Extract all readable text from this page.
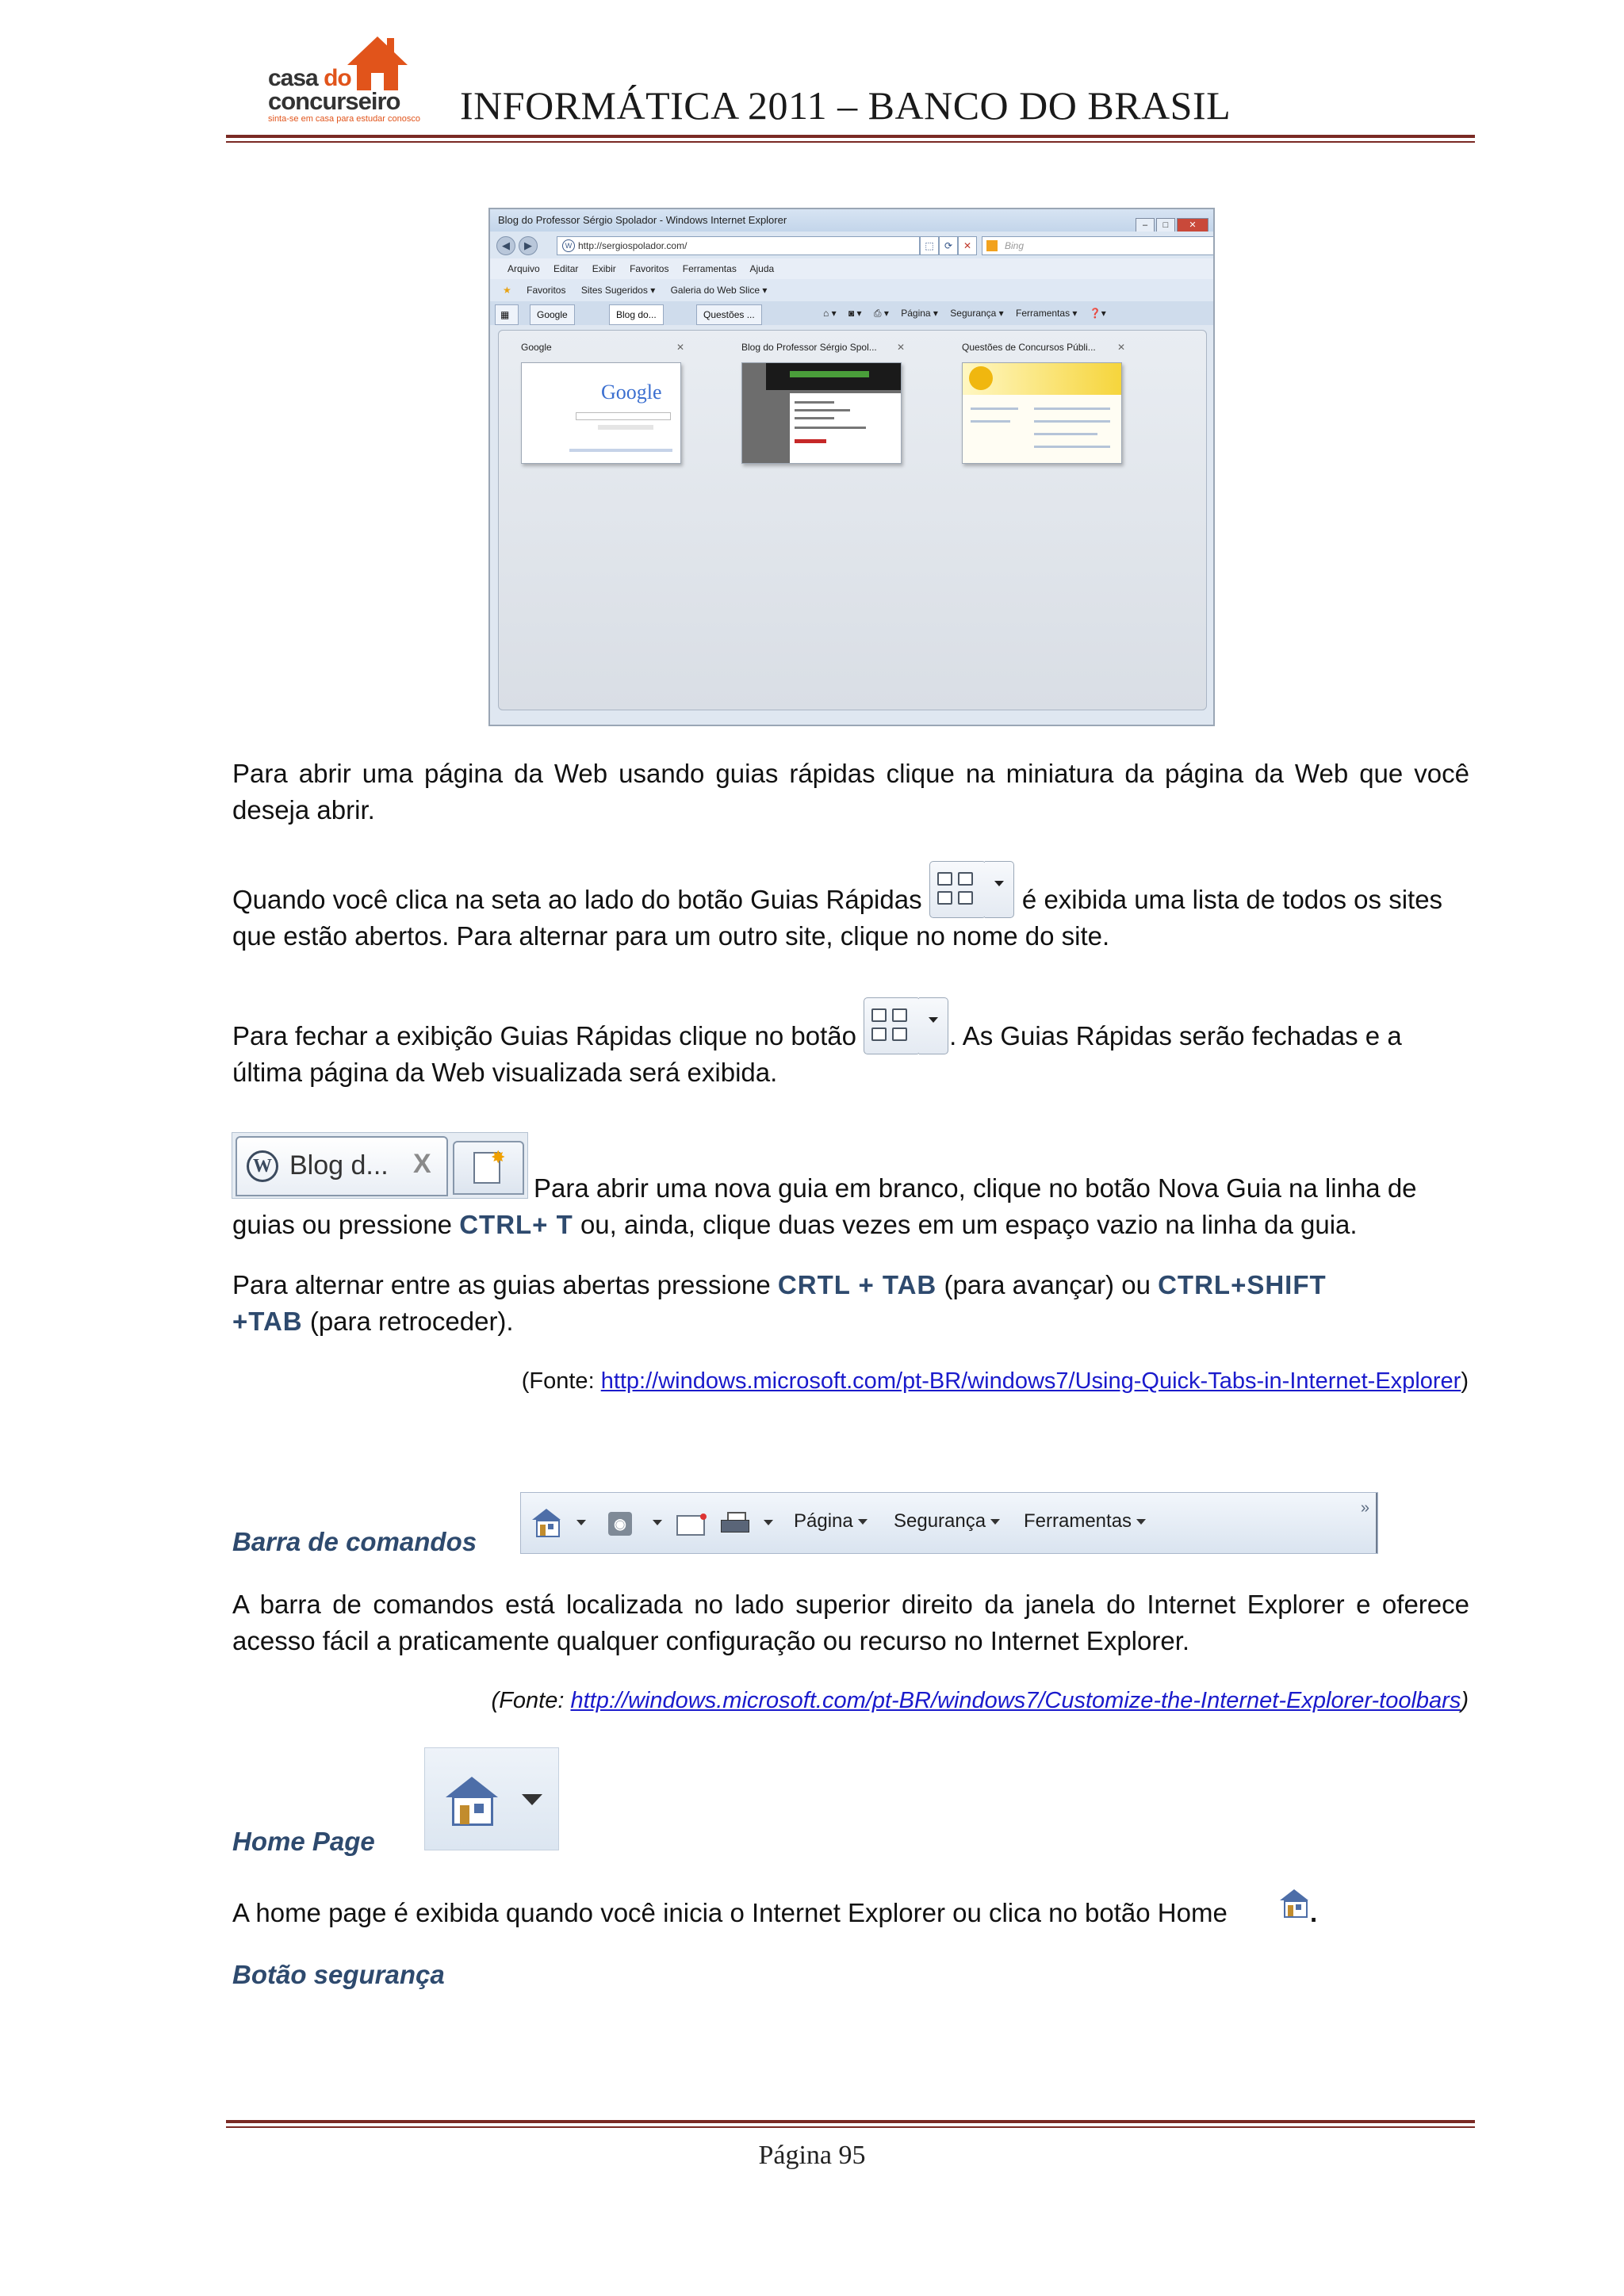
casa do
concurseiro
sinta-se em casa para estudar conosco INFORMÁTICA 2011 – BANCO DO BRASIL
Blog do Professor Sérgio Spolador - Windows Internet Explorer	– □ ✕
◀	▶
W	http://sergiospolador.com/	⬚	⟳	✕	Bing
Arquivo Editar Exibir Favoritos Ferramentas Ajuda
★ Favoritos Sites Sugeridos ▾ Galeria do Web Slice ▾
▦	Google	Blog do...	Questões ...	⌂ ▾ ◙ ▾ ⎙ ▾ Página ▾ Segurança ▾ Ferramentas ▾ ❓▾
Google	✕
Google
Blog do Professor Sérgio Spol... ✕	Questões de Concursos Públi... ✕
Para abrir uma página da Web usando guias rápidas clique na miniatura da página da Web que você deseja abrir.
Quando você clica na seta ao lado do botão Guias Rápidas	é exibida uma lista de todos os sites que estão abertos. Para alternar para um outro site, clique no nome do site.
Para fechar a exibição Guias Rápidas clique no botão	. As Guias Rápidas serão fechadas e a última página da Web visualizada será exibida.
W Blog d... X	✸
Para abrir uma nova guia em branco, clique no botão Nova Guia na linha de
guias ou pressione CTRL+ T ou, ainda, clique duas vezes em um espaço vazio na linha da guia.
Para alternar entre as guias abertas pressione CRTL + TAB (para avançar) ou CTRL+SHIFT
+TAB (para retroceder).
(Fonte: http://windows.microsoft.com/pt-BR/windows7/Using-Quick-Tabs-in-Internet-Explorer)
Barra de comandos
◉	Página	Segurança	Ferramentas
»
A barra de comandos está localizada no lado superior direito da janela do Internet Explorer e oferece acesso fácil a praticamente qualquer configuração ou recurso no Internet Explorer.
(Fonte: http://windows.microsoft.com/pt-BR/windows7/Customize-the-Internet-Explorer-toolbars)
Home Page
A home page é exibida quando você inicia o Internet Explorer ou clica no botão Home	.
Botão segurança
Página 95
